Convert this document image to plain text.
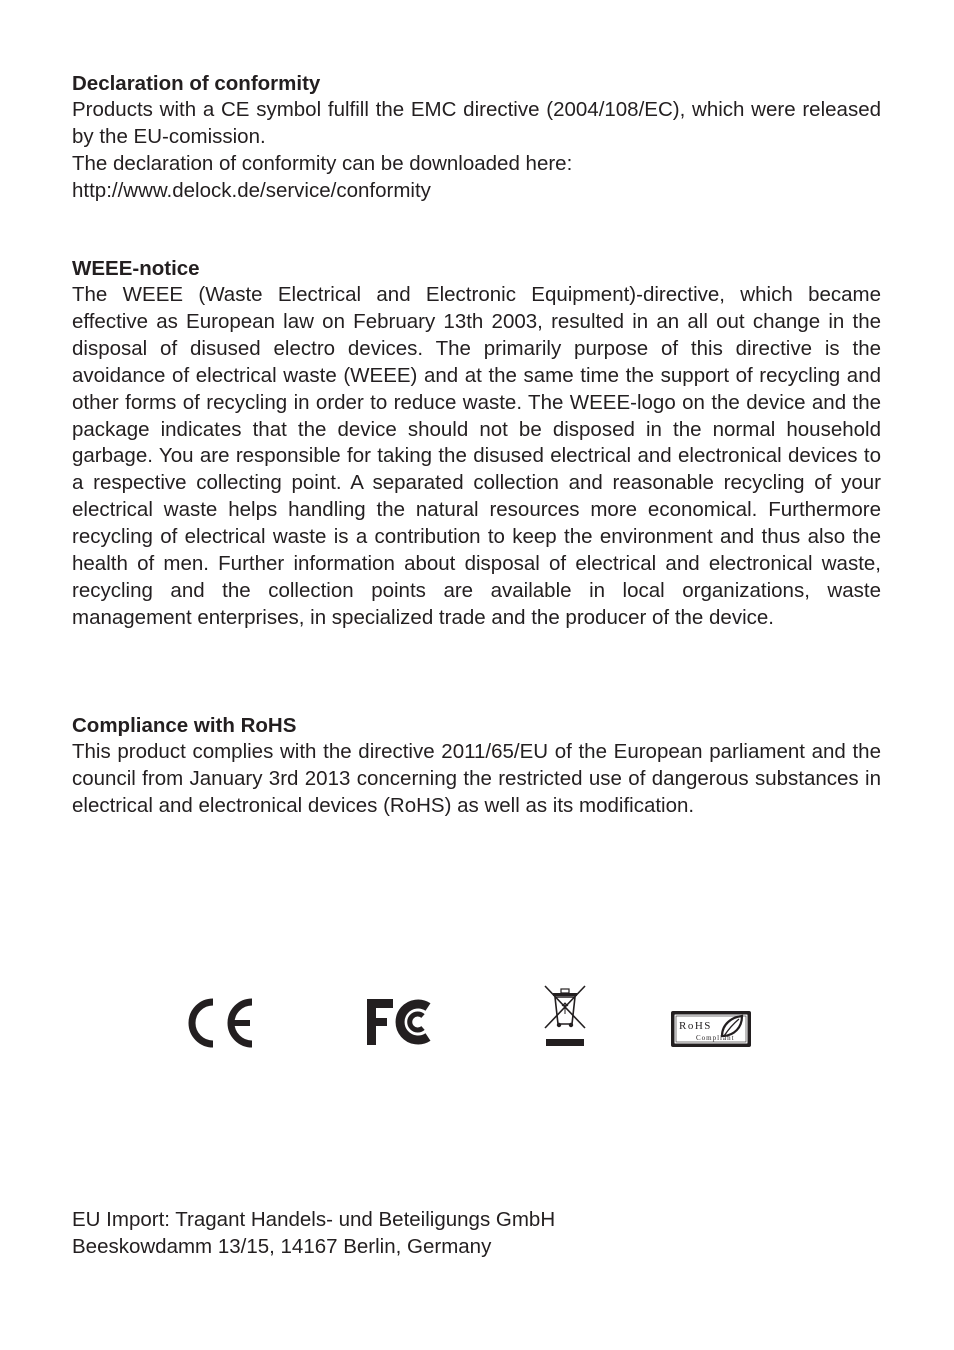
Declaration of conformity

Products with a CE symbol fulfill the EMC directive (2004/108/EC), which were released by the EU-comission.

The declaration of conformity can be downloaded here:

http://www.delock.de/service/conformity

WEEE-notice

The WEEE (Waste Electrical and Electronic Equipment)-directive, which became effective as European law on February 13th 2003, resulted in an all out change in the disposal of disused electro devices. The primarily purpose of this directive is the avoidance of electrical waste (WEEE) and at the same time the support of recycling and other forms of recycling in order to reduce waste. The WEEE-logo on the device and the package indicates that the device should not be disposed in the normal household garbage. You are responsible for taking the disused electrical and electronical devices to a respective collecting point. A separated collection and reasonable recycling of your electrical waste helps handling the natural resources more economical. Furthermore recycling of electrical waste is a contribution to keep the environment and thus also the health of men. Further information about disposal of electrical and electronical waste, recycling and the collection points are available in local organizations, waste management enterprises, in specialized trade and the producer of the device.

Compliance with RoHS

This product complies with the directive 2011/65/EU of the European parliament and the council from January 3rd 2013 concerning the restricted use of dangerous substances in electrical and electronical devices (RoHS) as well as its modification.

RoHS
Compliant

EU Import: Tragant Handels- und Beteiligungs GmbH

Beeskowdamm 13/15, 14167 Berlin, Germany
